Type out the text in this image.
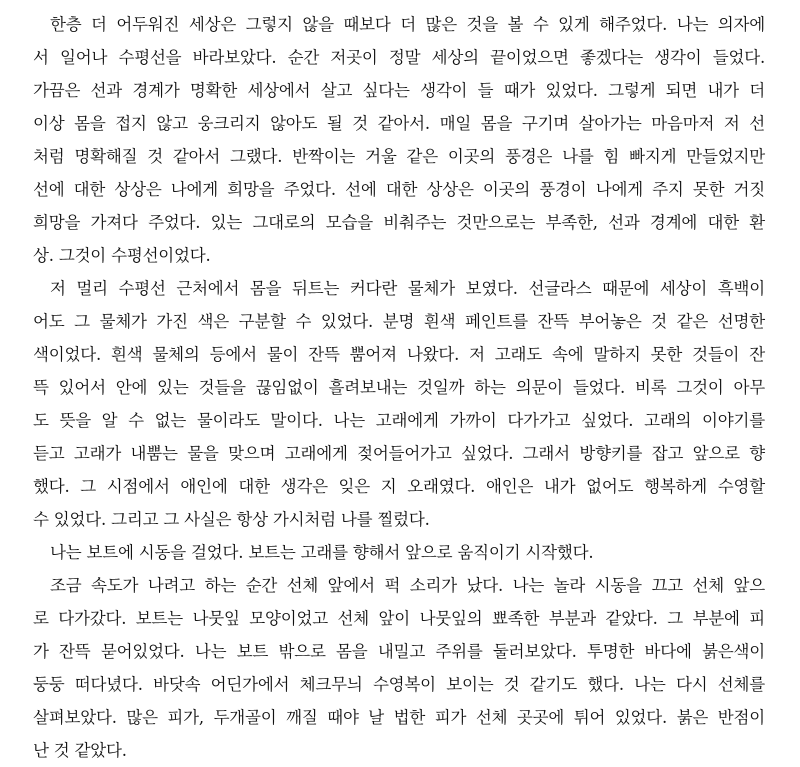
한층 더 어두워진 세상은 그렇지 않을 때보다 더 많은 것을 볼 수 있게 해주었다. 나는 의자에
서 일어나 수평선을 바라보았다. 순간 저곳이 정말 세상의 끝이었으면 좋겠다는 생각이 들었다.
가끔은 선과 경계가 명확한 세상에서 살고 싶다는 생각이 들 때가 있었다. 그렇게 되면 내가 더
이상 몸을 접지 않고 웅크리지 않아도 될 것 같아서. 매일 몸을 구기며 살아가는 마음마저 저 선
처럼 명확해질 것 같아서 그랬다. 반짝이는 거울 같은 이곳의 풍경은 나를 힘 빠지게 만들었지만
선에 대한 상상은 나에게 희망을 주었다. 선에 대한 상상은 이곳의 풍경이 나에게 주지 못한 거짓
희망을 가져다 주었다. 있는 그대로의 모습을 비춰주는 것만으로는 부족한, 선과 경계에 대한 환
상. 그것이 수평선이었다.
저 멀리 수평선 근처에서 몸을 뒤트는 커다란 물체가 보였다. 선글라스 때문에 세상이 흑백이
어도 그 물체가 가진 색은 구분할 수 있었다. 분명 흰색 페인트를 잔뜩 부어놓은 것 같은 선명한
색이었다. 흰색 물체의 등에서 물이 잔뜩 뿜어져 나왔다. 저 고래도 속에 말하지 못한 것들이 잔
뜩 있어서 안에 있는 것들을 끊임없이 흘려보내는 것일까 하는 의문이 들었다. 비록 그것이 아무
도 뜻을 알 수 없는 물이라도 말이다. 나는 고래에게 가까이 다가가고 싶었다. 고래의 이야기를
듣고 고래가 내뿜는 물을 맞으며 고래에게 젖어들어가고 싶었다. 그래서 방향키를 잡고 앞으로 향
했다. 그 시점에서 애인에 대한 생각은 잊은 지 오래였다. 애인은 내가 없어도 행복하게 수영할
수 있었다. 그리고 그 사실은 항상 가시처럼 나를 찔렀다.
나는 보트에 시동을 걸었다. 보트는 고래를 향해서 앞으로 움직이기 시작했다.
조금 속도가 나려고 하는 순간 선체 앞에서 퍽 소리가 났다. 나는 놀라 시동을 끄고 선체 앞으
로 다가갔다. 보트는 나뭇잎 모양이었고 선체 앞이 나뭇잎의 뾰족한 부분과 같았다. 그 부분에 피
가 잔뜩 묻어있었다. 나는 보트 밖으로 몸을 내밀고 주위를 둘러보았다. 투명한 바다에 붉은색이
둥둥 떠다녔다. 바닷속 어딘가에서 체크무늬 수영복이 보이는 것 같기도 했다. 나는 다시 선체를
살펴보았다. 많은 피가, 두개골이 깨질 때야 날 법한 피가 선체 곳곳에 튀어 있었다. 붉은 반점이
난 것 같았다.
